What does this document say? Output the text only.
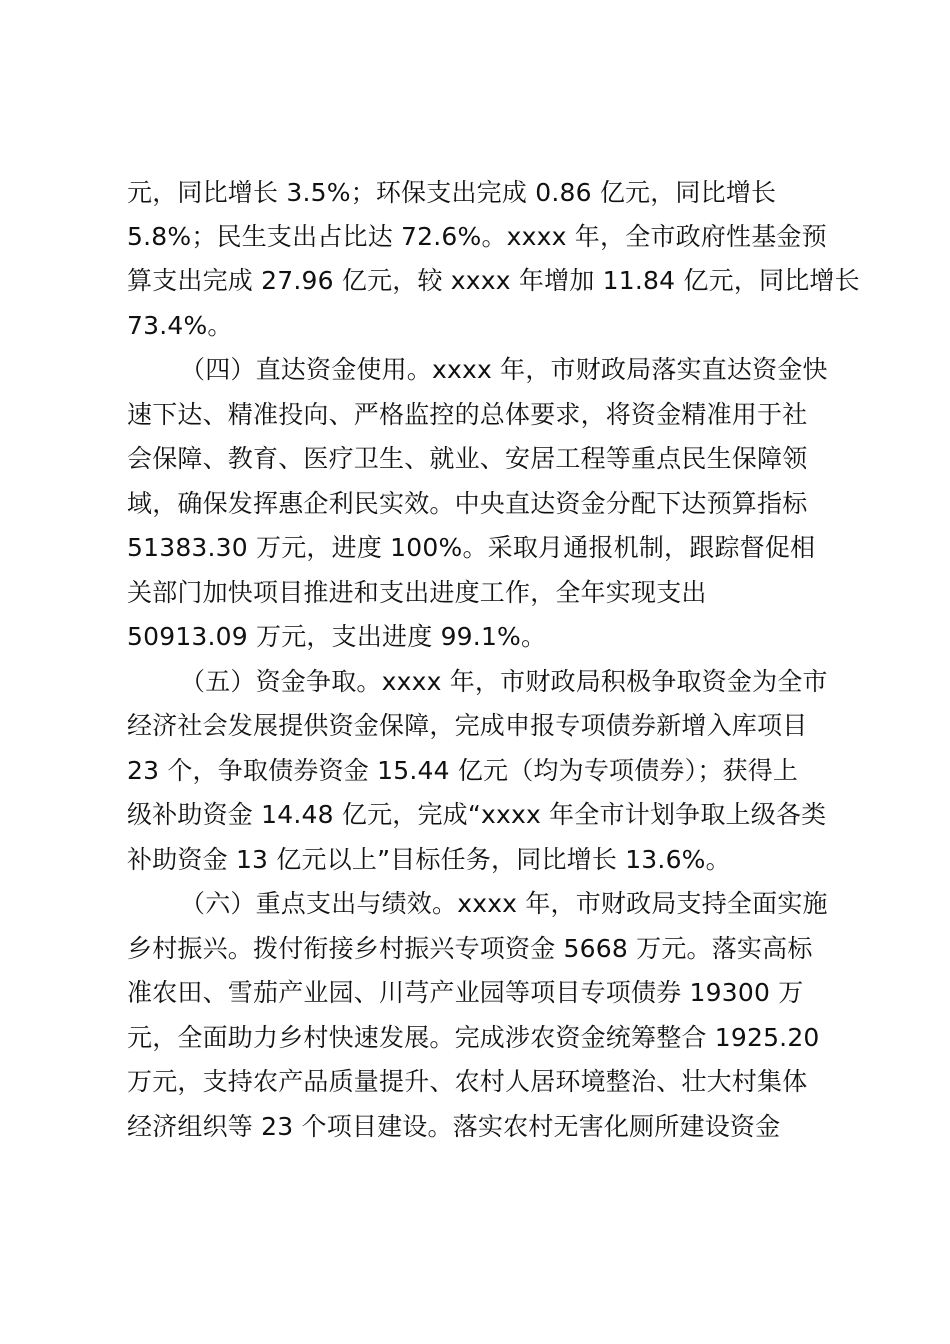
元，同比增长 3.5%；环保支出完成 0.86 亿元，同比增长
5.8%；民生支出占比达 72.6%。xxxx 年，全市政府性基金预
算支出完成 27.96 亿元，较 xxxx 年增加 11.84 亿元，同比增长
73.4%。
（四）直达资金使用。xxxx 年，市财政局落实直达资金快
速下达、精准投向、严格监控的总体要求，将资金精准用于社
会保障、教育、医疗卫生、就业、安居工程等重点民生保障领
域，确保发挥惠企利民实效。中央直达资金分配下达预算指标
51383.30 万元，进度 100%。采取月通报机制，跟踪督促相
关部门加快项目推进和支出进度工作，全年实现支出
50913.09 万元，支出进度 99.1%。
（五）资金争取。xxxx 年，市财政局积极争取资金为全市
经济社会发展提供资金保障，完成申报专项债券新增入库项目
23 个，争取债券资金 15.44 亿元（均为专项债券）；获得上
级补助资金 14.48 亿元，完成“xxxx 年全市计划争取上级各类
补助资金 13 亿元以上”目标任务，同比增长 13.6%。
（六）重点支出与绩效。xxxx 年，市财政局支持全面实施
乡村振兴。拨付衔接乡村振兴专项资金 5668 万元。落实高标
准农田、雪茄产业园、川芎产业园等项目专项债券 19300 万
元，全面助力乡村快速发展。完成涉农资金统筹整合 1925.20
万元，支持农产品质量提升、农村人居环境整治、壮大村集体
经济组织等 23 个项目建设。落实农村无害化厕所建设资金
